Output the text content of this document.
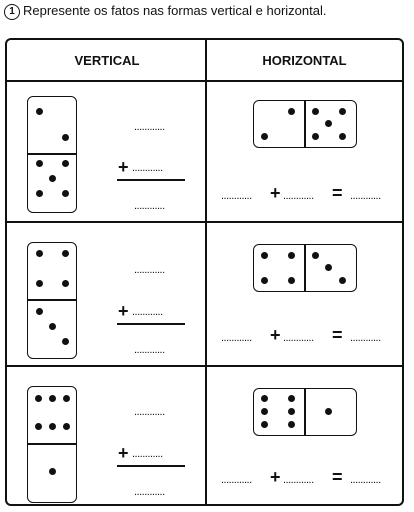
1 Represente os fatos nas formas vertical e horizontal.
VERTICAL	HORIZONTAL
............
+ ............
............
............ + ............ = ............
............
+ ............
............
............ + ............ = ............
............
+ ............
............
............ + ............ = ............
